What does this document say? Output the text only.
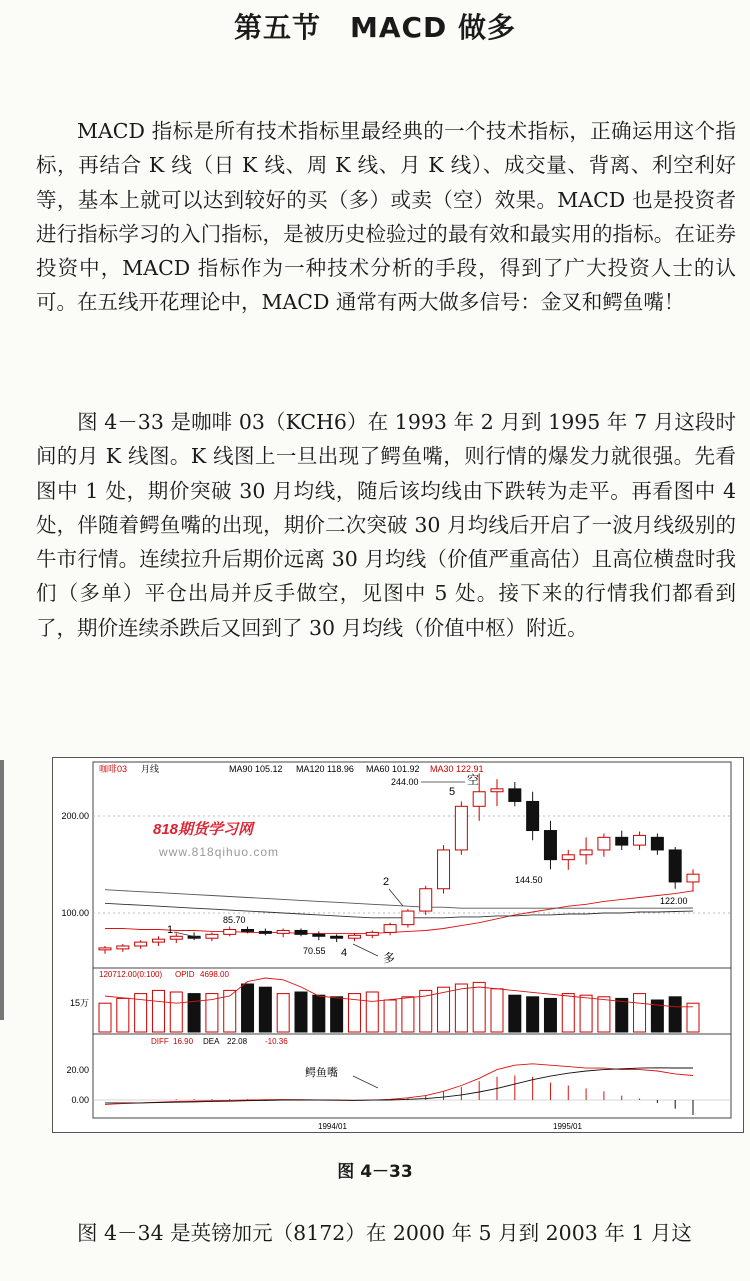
第五节　MACD 做多

MACD 指标是所有技术指标里最经典的一个技术指标，正确运用这个指标，再结合 K 线（日 K 线、周 K 线、月 K 线）、成交量、背离、利空利好等，基本上就可以达到较好的买（多）或卖（空）效果。MACD 也是投资者进行指标学习的入门指标，是被历史检验过的最有效和最实用的指标。在证券投资中，MACD 指标作为一种技术分析的手段，得到了广大投资人士的认可。在五线开花理论中，MACD 通常有两大做多信号：金叉和鳄鱼嘴！

图 4－33 是咖啡 03（KCH6）在 1993 年 2 月到 1995 年 7 月这段时间的月 K 线图。K 线图上一旦出现了鳄鱼嘴，则行情的爆发力就很强。先看图中 1 处，期价突破 30 月均线，随后该均线由下跌转为走平。再看图中 4 处，伴随着鳄鱼嘴的出现，期价二次突破 30 月均线后开启了一波月线级别的牛市行情。连续拉升后期价远离 30 月均线（价值严重高估）且高位横盘时我们（多单）平仓出局并反手做空，见图中 5 处。接下来的行情我们都看到了，期价连续杀跌后又回到了 30 月均线（价值中枢）附近。

200.00
100.00
咖啡03 月线	MA90 105.12 MA120 118.96 MA60 101.92 MA30 122.91
818期货学习网
www.818qihuo.com
244.00
5
空
1
85.70
2
70.55 4	多
144.50
122.00
120712.00(0:100) OPID 4698.00
15万
DIFF 16.90 DEA 22.08 -10.36
20.00
0.00
鳄鱼嘴
1994/01	1995/01
图 4－33

图 4－34 是英镑加元（8172）在 2000 年 5 月到 2003 年 1 月这
